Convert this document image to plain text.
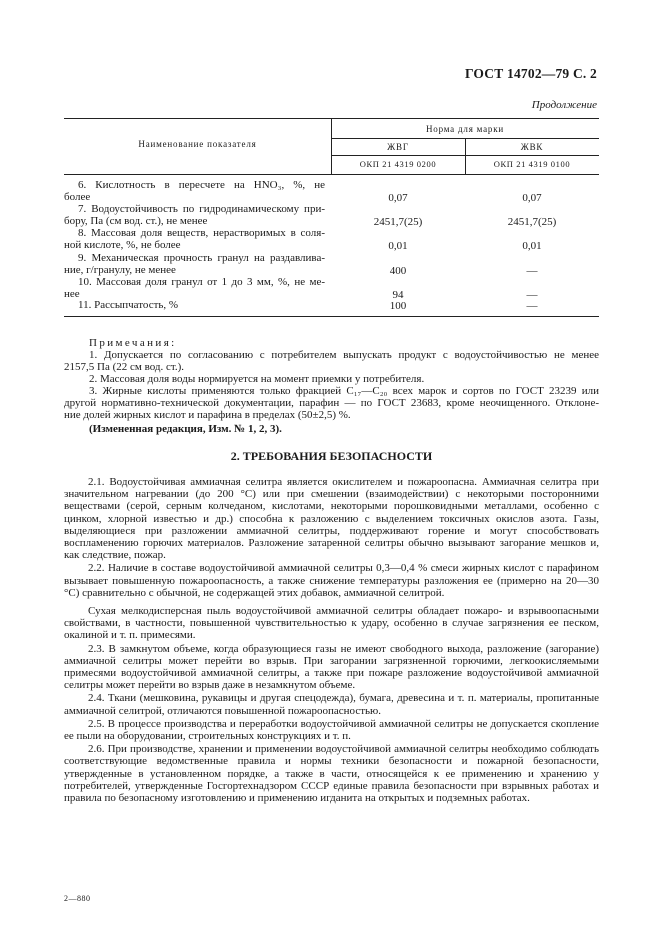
ГОСТ 14702—79 С. 2
Продолжение
Наименование показателя
Норма для марки
ЖВГ	ЖВК
ОКП 21 4319 0200	ОКП 21 4319 0100
6. Кислотность в пересчете на HNO₃, %, не
более	0,07	0,07
7. Водоустойчивость по гидродинамическому при-
бору, Па (см вод. ст.), не менее	2451,7(25)	2451,7(25)
8. Массовая доля веществ, нерастворимых в соля-
ной кислоте, %, не более	0,01	0,01
9. Механическая прочность гранул на раздавлива-
ние, г/гранулу, не менее	400	—
10. Массовая доля гранул от 1 до 3 мм, %, не ме-
нее	94	—
11. Рассыпчатость, %	100	—
Примечания:
1. Допускается по согласованию с потребителем выпускать продукт с водоустойчивостью не менее
2157,5 Па (22 см вод. ст.).
2. Массовая доля воды нормируется на момент приемки у потребителя.
3. Жирные кислоты применяются только фракцией C₁₇—C₂₀ всех марок и сортов по ГОСТ 23239 или
другой нормативно-технической документации, парафин — по ГОСТ 23683, кроме неочищенного. Отклоне-
ние долей жирных кислот и парафина в пределах (50±2,5) %.
(Измененная редакция, Изм. № 1, 2, 3).
2. ТРЕБОВАНИЯ БЕЗОПАСНОСТИ

2.1. Водоустойчивая аммиачная селитра является окислителем и пожароопасна. Аммиачная селитра при значительном нагревании (до 200 °С) или при смешении (взаимодействии) с некоторыми посторонними веществами (серой, серным колчеданом, кислотами, некоторыми порошковидными металлами, особенно с цинком, хлорной известью и др.) способна к разложению с выделением токсичных окислов азота. Газы, выделяющиеся при разложении аммиачной селитры, поддерживают горение и могут способствовать воспламенению горючих материалов. Разложение затаренной селитры обычно вызывают загорание мешков и, как следствие, пожар.

2.2. Наличие в составе водоустойчивой аммиачной селитры 0,3—0,4 % смеси жирных кислот с парафином вызывает повышенную пожароопасность, а также снижение температуры разложения ее (примерно на 20—30 °С) сравнительно с обычной, не содержащей этих добавок, аммиачной селитрой.

Сухая мелкодисперсная пыль водоустойчивой аммиачной селитры обладает пожаро- и взрывоопасными свойствами, в частности, повышенной чувствительностью к удару, особенно в случае загрязнения ее песком, окалиной и т. п. примесями.

2.3. В замкнутом объеме, когда образующиеся газы не имеют свободного выхода, разложение (загорание) аммиачной селитры может перейти во взрыв. При загорании загрязненной горючими, легкоокисляемыми примесями водоустойчивой аммиачной селитры, а также при пожаре разложение водоустойчивой аммиачной селитры может перейти во взрыв даже в незамкнутом объеме.

2.4. Ткани (мешковина, рукавицы и другая спецодежда), бумага, древесина и т. п. материалы, пропитанные аммиачной селитрой, отличаются повышенной пожароопасностью.

2.5. В процессе производства и переработки водоустойчивой аммиачной селитры не допускается скопление ее пыли на оборудовании, строительных конструкциях и т. п.

2.6. При производстве, хранении и применении водоустойчивой аммиачной селитры необходимо соблюдать соответствующие ведомственные правила и нормы техники безопасности и пожарной безопасности, утвержденные в установленном порядке, а также в части, относящейся к ее применению и хранению у потребителей, утвержденные Госгортехнадзором СССР единые правила безопасности при взрывных работах и правила по безопасному изготовлению и применению игданита на открытых и подземных работах.

2—880
